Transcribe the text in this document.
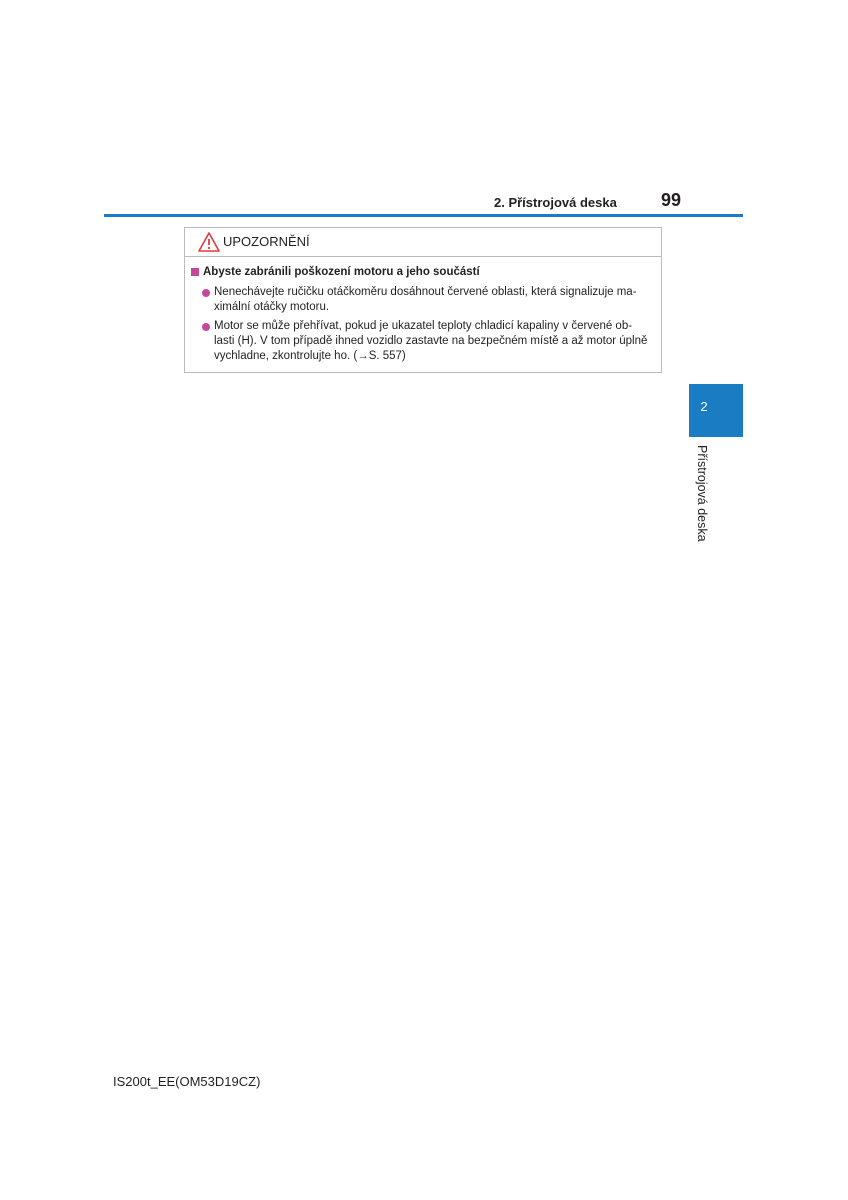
2. Přístrojová deska 99
UPOZORNĚNÍ
Abyste zabránili poškození motoru a jeho součástí
Nenechávejte ručičku otáčkoměru dosáhnout červené oblasti, která signalizuje ma-
ximální otáčky motoru.
Motor se může přehřívat, pokud je ukazatel teploty chladicí kapaliny v červené ob-
lasti (H). V tom případě ihned vozidlo zastavte na bezpečném místě a až motor úplně
vychladne, zkontrolujte ho. (→S. 557)
2
Přístrojová deska
IS200t_EE(OM53D19CZ)
